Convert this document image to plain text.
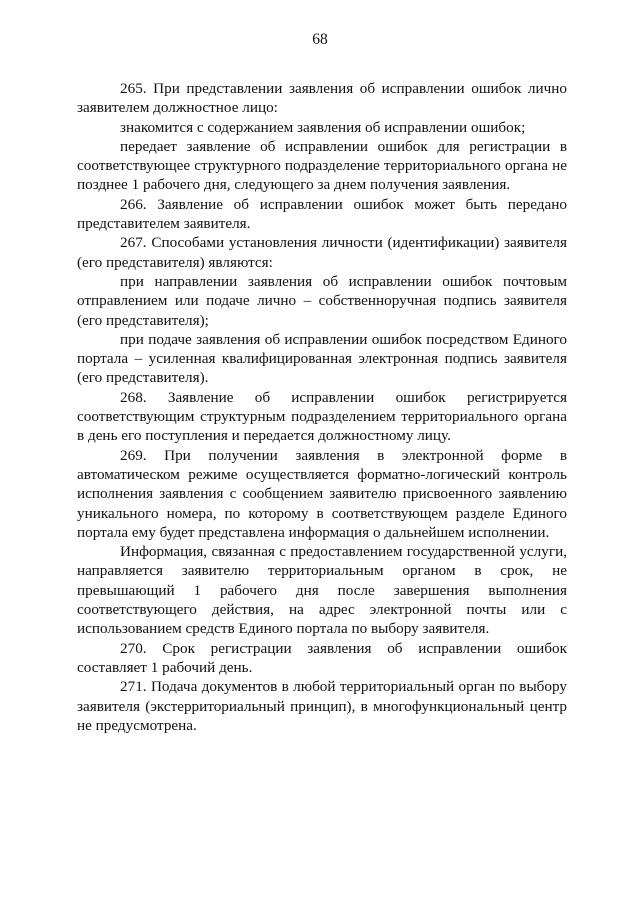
68

265. При представлении заявления об исправлении ошибок лично заявителем должностное лицо:

знакомится с содержанием заявления об исправлении ошибок;

передает заявление об исправлении ошибок для регистрации в соответствующее структурного подразделение территориального органа не позднее 1 рабочего дня, следующего за днем получения заявления.

266. Заявление об исправлении ошибок может быть передано представителем заявителя.

267. Способами установления личности (идентификации) заявителя (его представителя) являются:

при направлении заявления об исправлении ошибок почтовым отправлением или подаче лично – собственноручная подпись заявителя (его представителя);

при подаче заявления об исправлении ошибок посредством Единого портала – усиленная квалифицированная электронная подпись заявителя (его представителя).

268. Заявление об исправлении ошибок регистрируется соответствующим структурным подразделением территориального органа в день его поступления и передается должностному лицу.

269. При получении заявления в электронной форме в автоматическом режиме осуществляется форматно-логический контроль исполнения заявления с сообщением заявителю присвоенного заявлению уникального номера, по которому в соответствующем разделе Единого портала ему будет представлена информация о дальнейшем исполнении.

Информация, связанная с предоставлением государственной услуги, направляется заявителю территориальным органом в срок, не превышающий 1 рабочего дня после завершения выполнения соответствующего действия, на адрес электронной почты или с использованием средств Единого портала по выбору заявителя.

270. Срок регистрации заявления об исправлении ошибок составляет 1 рабочий день.

271. Подача документов в любой территориальный орган по выбору заявителя (экстерриториальный принцип), в многофункциональный центр не предусмотрена.
